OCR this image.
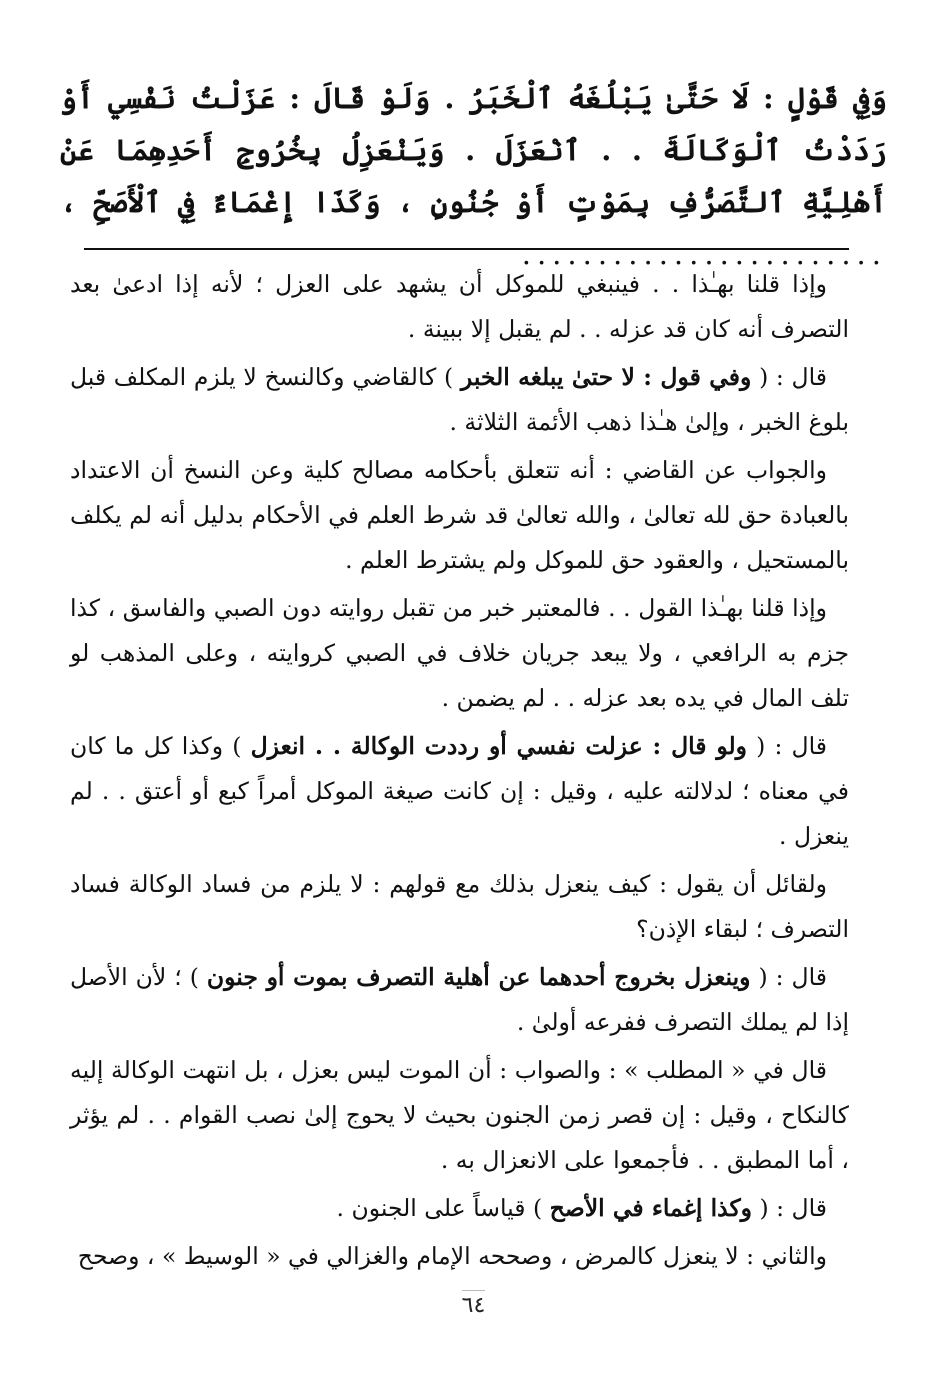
وَفِي قَوْلٍ : لَا حَتَّىٰ يَبْلُغَهُ ٱلْخَبَرُ . وَلَوْ قَالَ : عَزَلْتُ نَفْسِي أَوْ رَدَدْتُ ٱلْوَكَالَةَ . . ٱنْعَزَلَ . وَيَنْعَزِلُ بِخُرُوجِ أَحَدِهِمَا عَنْ أَهْلِيَّةِ ٱلتَّصَرُّفِ بِمَوْتٍ أَوْ جُنُونٍ ، وَكَذَا إِغْمَاءٌ فِي ٱلْأَصَحِّ ، ........................

وإذا قلنا بهـٰذا . . فينبغي للموكل أن يشهد على العزل ؛ لأنه إذا ادعىٰ بعد التصرف أنه كان قد عزله . . لم يقبل إلا ببينة .

قال : ( وفي قول : لا حتىٰ يبلغه الخبر ) كالقاضي وكالنسخ لا يلزم المكلف قبل بلوغ الخبر ، وإلىٰ هـٰذا ذهب الأئمة الثلاثة .

والجواب عن القاضي : أنه تتعلق بأحكامه مصالح كلية وعن النسخ أن الاعتداد بالعبادة حق لله تعالىٰ ، والله تعالىٰ قد شرط العلم في الأحكام بدليل أنه لم يكلف بالمستحيل ، والعقود حق للموكل ولم يشترط العلم .

وإذا قلنا بهـٰذا القول . . فالمعتبر خبر من تقبل روايته دون الصبي والفاسق ، كذا جزم به الرافعي ، ولا يبعد جريان خلاف في الصبي كروايته ، وعلى المذهب لو تلف المال في يده بعد عزله . . لم يضمن .

قال : ( ولو قال : عزلت نفسي أو رددت الوكالة . . انعزل ) وكذا كل ما كان في معناه ؛ لدلالته عليه ، وقيل : إن كانت صيغة الموكل أمراً كبع أو أعتق . . لم ينعزل .

ولقائل أن يقول : كيف ينعزل بذلك مع قولهم : لا يلزم من فساد الوكالة فساد التصرف ؛ لبقاء الإذن؟

قال : ( وينعزل بخروج أحدهما عن أهلية التصرف بموت أو جنون ) ؛ لأن الأصل إذا لم يملك التصرف ففرعه أولىٰ .

قال في « المطلب » : والصواب : أن الموت ليس بعزل ، بل انتهت الوكالة إليه كالنكاح ، وقيل : إن قصر زمن الجنون بحيث لا يحوج إلىٰ نصب القوام . . لم يؤثر ، أما المطبق . . فأجمعوا على الانعزال به .

قال : ( وكذا إغماء في الأصح ) قياساً على الجنون .

والثاني : لا ينعزل كالمرض ، وصححه الإمام والغزالي في « الوسيط » ، وصحح

٦٤
